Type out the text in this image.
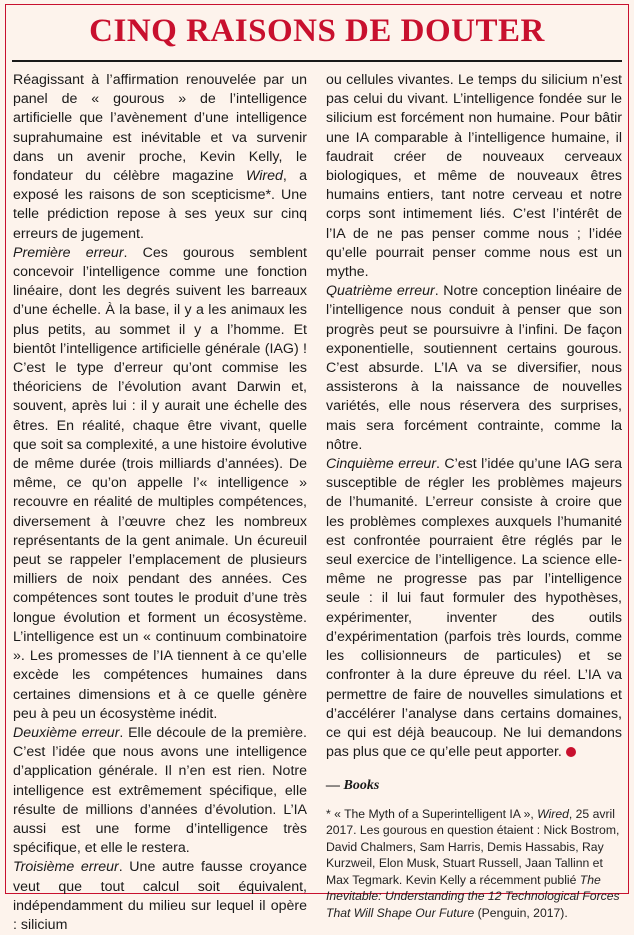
CINQ RAISONS DE DOUTER

Réagissant à l’affirmation renouvelée par un panel de « gourous » de l’intelligence artificielle que l’avènement d’une intelligence suprahumaine est inévitable et va survenir dans un avenir proche, Kevin Kelly, le fondateur du célèbre magazine Wired, a exposé les raisons de son scepticisme*. Une telle prédiction repose à ses yeux sur cinq erreurs de jugement.

Première erreur. Ces gourous semblent concevoir l’intelligence comme une fonction linéaire, dont les degrés suivent les barreaux d’une échelle. À la base, il y a les animaux les plus petits, au sommet il y a l’homme. Et bientôt l’intelligence artificielle générale (IAG) ! C’est le type d’erreur qu’ont commise les théoriciens de l’évolution avant Darwin et, souvent, après lui : il y aurait une échelle des êtres. En réalité, chaque être vivant, quelle que soit sa complexité, a une histoire évolutive de même durée (trois milliards d’années). De même, ce qu’on appelle l’« intelligence » recouvre en réalité de multiples compétences, diversement à l’œuvre chez les nombreux représentants de la gent animale. Un écureuil peut se rappeler l’emplacement de plusieurs milliers de noix pendant des années. Ces compétences sont toutes le produit d’une très longue évolution et forment un écosystème. L’intelligence est un « continuum combinatoire ». Les promesses de l’IA tiennent à ce qu’elle excède les compétences humaines dans certaines dimensions et à ce quelle génère peu à peu un écosystème inédit.

Deuxième erreur. Elle découle de la première. C’est l’idée que nous avons une intelligence d’application générale. Il n’en est rien. Notre intelligence est extrêmement spécifique, elle résulte de millions d’années d’évolution. L’IA aussi est une forme d’intelligence très spécifique, et elle le restera.

Troisième erreur. Une autre fausse croyance veut que tout calcul soit équivalent, indépendamment du milieu sur lequel il opère : silicium

ou cellules vivantes. Le temps du silicium n’est pas celui du vivant. L’intelligence fondée sur le silicium est forcément non humaine. Pour bâtir une IA comparable à l’intelligence humaine, il faudrait créer de nouveaux cerveaux biologiques, et même de nouveaux êtres humains entiers, tant notre cerveau et notre corps sont intimement liés. C’est l’intérêt de l’IA de ne pas penser comme nous ; l’idée qu’elle pourrait penser comme nous est un mythe.

Quatrième erreur. Notre conception linéaire de l’intelligence nous conduit à penser que son progrès peut se poursuivre à l’infini. De façon exponentielle, soutiennent certains gourous. C’est absurde. L’IA va se diversifier, nous assisterons à la naissance de nouvelles variétés, elle nous réservera des surprises, mais sera forcément contrainte, comme la nôtre.

Cinquième erreur. C’est l’idée qu’une IAG sera susceptible de régler les problèmes majeurs de l’humanité. L’erreur consiste à croire que les problèmes complexes auxquels l’humanité est confrontée pourraient être réglés par le seul exercice de l’intelligence. La science elle-même ne progresse pas par l’intelligence seule : il lui faut formuler des hypothèses, expérimenter, inventer des outils d’expérimentation (parfois très lourds, comme les collisionneurs de particules) et se confronter à la dure épreuve du réel. L’IA va permettre de faire de nouvelles simulations et d’accélérer l’analyse dans certains domaines, ce qui est déjà beaucoup. Ne lui demandons pas plus que ce qu’elle peut apporter.

— Books
* « The Myth of a Superintelligent IA », Wired, 25 avril 2017. Les gourous en question étaient : Nick Bostrom, David Chalmers, Sam Harris, Demis Hassabis, Ray Kurzweil, Elon Musk, Stuart Russell, Jaan Tallinn et Max Tegmark. Kevin Kelly a récemment publié The Inevitable: Understanding the 12 Technological Forces That Will Shape Our Future (Penguin, 2017).
